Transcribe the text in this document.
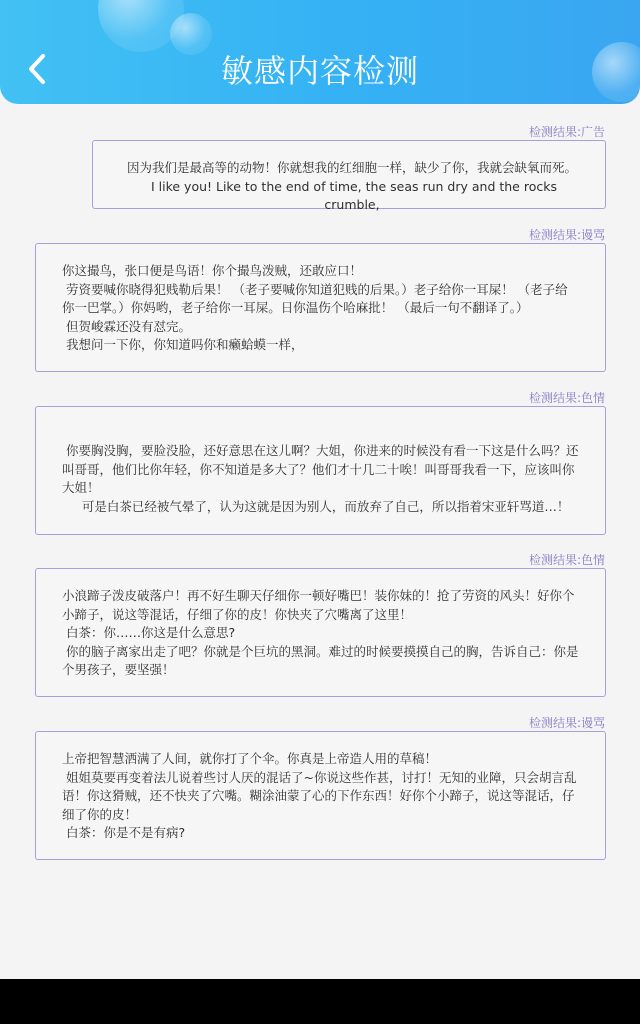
敏感内容检测
检测结果:广告
因为我们是最高等的动物！你就想我的红细胞一样，缺少了你，我就会缺氧而死。
I like you! Like to the end of time, the seas run dry and the rocks crumble,
检测结果:谩骂
你这撮鸟，张口便是鸟语！你个撮鸟泼贼，还敢应口！
劳资要喊你晓得犯贱勒后果！ （老子要喊你知道犯贱的后果。）老子给你一耳屎！ （老子给你一巴掌。）你妈哟，老子给你一耳屎。日你温伤个哈麻批！ （最后一句不翻译了。）
但贺峻霖还没有怼完。
我想问一下你，你知道吗你和癞蛤蟆一样，
检测结果:色情
你要胸没胸，要脸没脸，还好意思在这儿啊？大姐，你进来的时候没有看一下这是什么吗？还叫哥哥，他们比你年轻，你不知道是多大了？他们才十几二十唉！叫哥哥我看一下，应该叫你大姐！
可是白茶已经被气晕了，认为这就是因为别人，而放弃了自己，所以指着宋亚轩骂道…！
检测结果:色情
小浪蹄子泼皮破落户！再不好生聊天仔细你一顿好嘴巴！装你妹的！抢了劳资的风头！好你个小蹄子，说这等混话，仔细了你的皮！你快夹了穴嘴离了这里！
白茶：你……你这是什么意思?
你的脑子离家出走了吧？你就是个巨坑的黑洞。难过的时候要摸摸自己的胸，告诉自己：你是个男孩子，要坚强！
检测结果:谩骂
上帝把智慧洒满了人间，就你打了个伞。你真是上帝造人用的草稿！
姐姐莫要再变着法儿说着些讨人厌的混话了~你说这些作甚，讨打！无知的业障，只会胡言乱语！你这猾贼，还不快夹了穴嘴。糊涂油蒙了心的下作东西！好你个小蹄子，说这等混话，仔细了你的皮！
白茶：你是不是有病?
